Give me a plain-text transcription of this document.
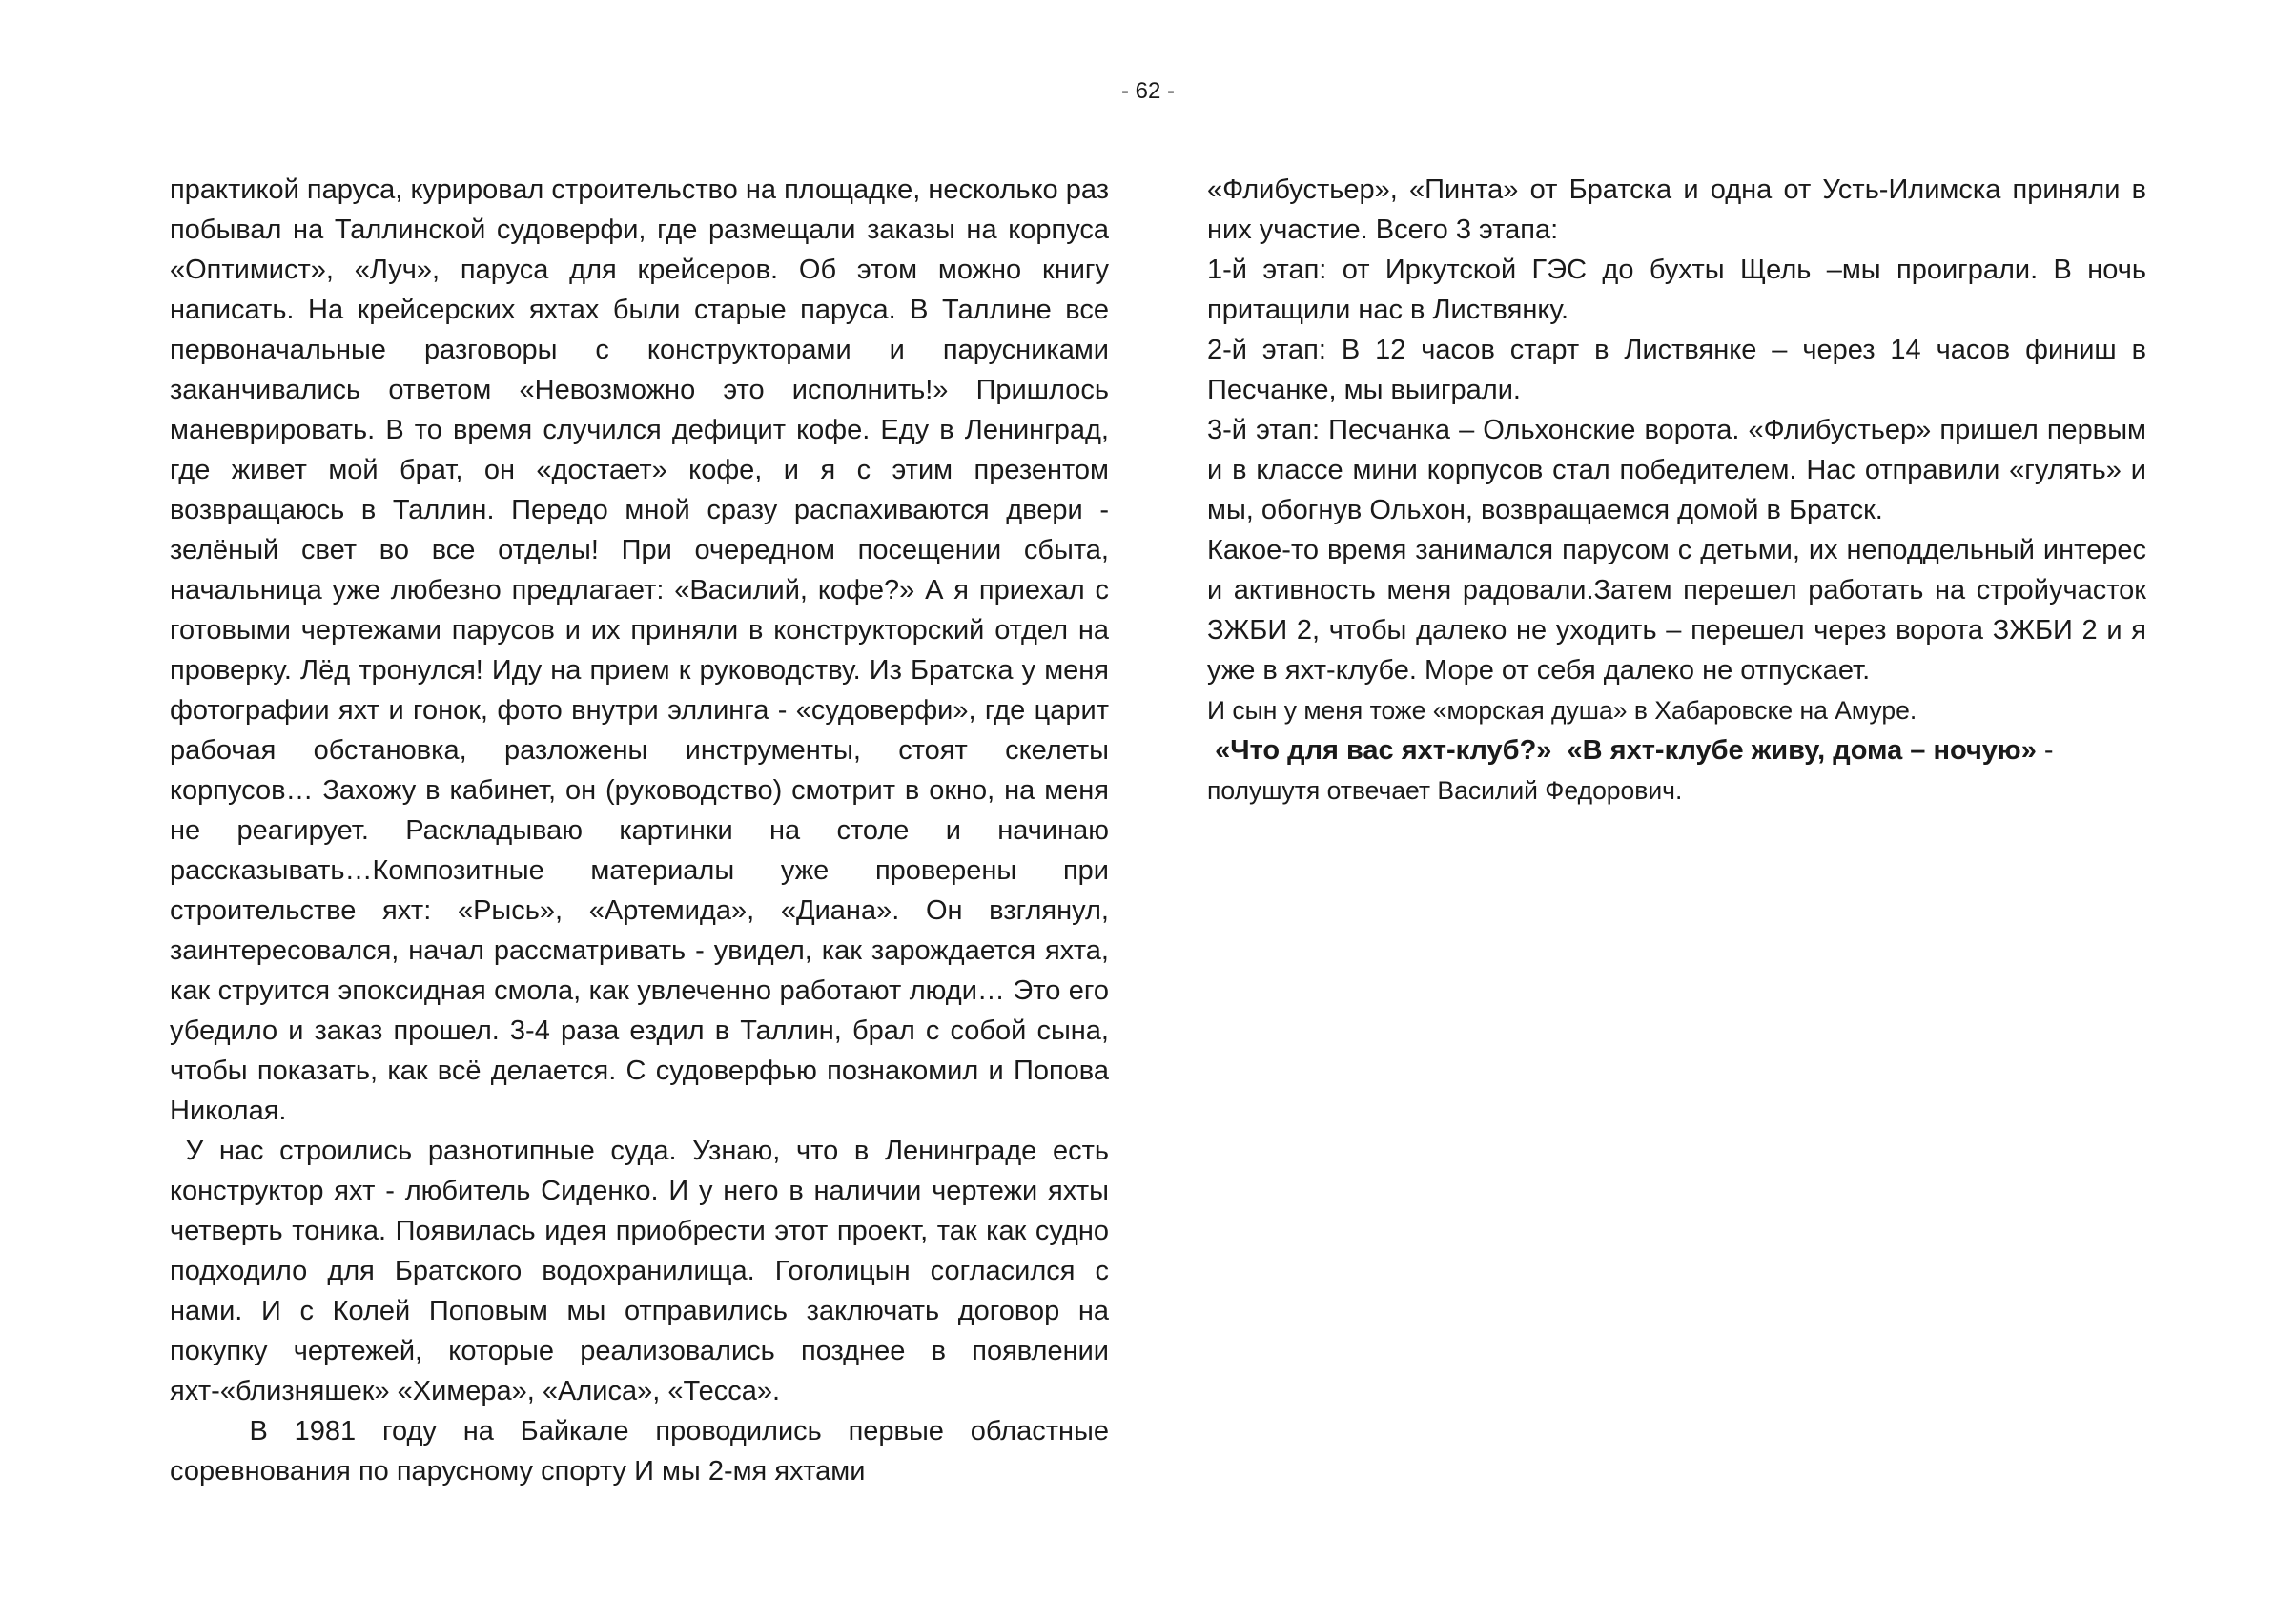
- 62 -

практикой паруса, курировал строительство на площадке, несколько раз побывал на Таллинской судоверфи, где размещали заказы на корпуса «Оптимист», «Луч», паруса для крейсеров. Об этом можно книгу написать. На крейсерских яхтах были старые паруса. В Таллине все первоначальные разговоры с конструкторами и парусниками заканчивались ответом «Невозможно это исполнить!» Пришлось маневрировать. В то время случился дефицит кофе. Еду в Ленинград, где живет мой брат, он «достает» кофе, и я с этим презентом возвращаюсь в Таллин. Передо мной сразу распахиваются двери - зелёный свет во все отделы! При очередном посещении сбыта, начальница уже любезно предлагает: «Василий, кофе?» А я приехал с готовыми чертежами парусов и их приняли в конструкторский отдел на проверку. Лёд тронулся! Иду на прием к руководству. Из Братска у меня фотографии яхт и гонок, фото внутри эллинга - «судоверфи», где царит рабочая обстановка, разложены инструменты, стоят скелеты корпусов… Захожу в кабинет, он (руководство) смотрит в окно, на меня не реагирует. Раскладываю картинки на столе и начинаю рассказывать…Композитные материалы уже проверены при строительстве яхт: «Рысь», «Артемида», «Диана». Он взглянул, заинтересовался, начал рассматривать - увидел, как зарождается яхта, как струится эпоксидная смола, как увлеченно работают люди… Это его убедило и заказ прошел. 3-4 раза ездил в Таллин, брал с собой сына, чтобы показать, как всё делается. С судоверфью познакомил и Попова Николая.

У нас строились разнотипные суда. Узнаю, что в Ленинграде есть конструктор яхт - любитель Сиденко. И у него в наличии чертежи яхты четверть тоника. Появилась идея приобрести этот проект, так как судно подходило для Братского водохранилища. Гоголицын согласился с нами. И с Колей Поповым мы отправились заключать договор на покупку чертежей, которые реализовались позднее в появлении яхт-«близняшек» «Химера», «Алиса», «Тесса».

В 1981 году на Байкале проводились первые областные соревнования по парусному спорту И мы 2-мя яхтами

«Флибустьер», «Пинта» от Братска и одна от Усть-Илимска приняли в них участие. Всего 3 этапа:

1-й этап: от Иркутской ГЭС до бухты Щель –мы проиграли. В ночь притащили нас в Листвянку.

2-й этап: В 12 часов старт в Листвянке – через 14 часов финиш в Песчанке, мы выиграли.

3-й этап: Песчанка – Ольхонские ворота. «Флибустьер» пришел первым и в классе мини корпусов стал победителем. Нас отправили «гулять» и мы, обогнув Ольхон, возвращаемся домой в Братск.

Какое-то время занимался парусом с детьми, их неподдельный интерес и активность меня радовали.Затем перешел работать на стройучасток ЗЖБИ 2, чтобы далеко не уходить – перешел через ворота ЗЖБИ 2 и я уже в яхт-клубе. Море от себя далеко не отпускает.

И сын у меня тоже «морская душа» в Хабаровске на Амуре.

«Что для вас яхт-клуб?»  «В яхт-клубе живу, дома – ночую» -

полушутя отвечает Василий Федорович.
